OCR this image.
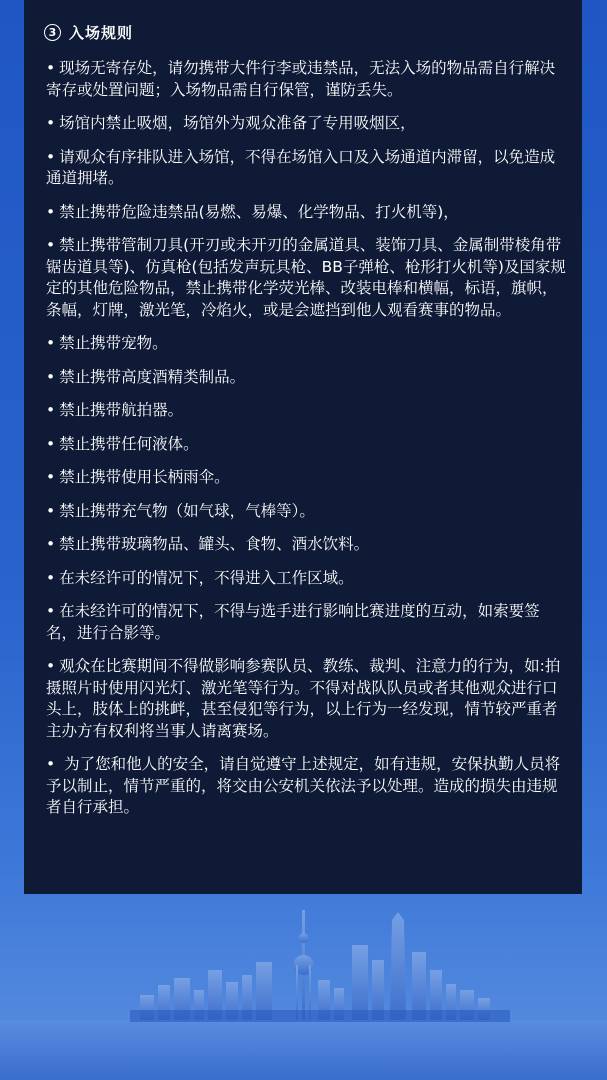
3 入场规则
• 现场无寄存处，请勿携带大件行李或违禁品，无法入场的物品需自行解决寄存或处置问题；入场物品需自行保管，谨防丢失。
• 场馆内禁止吸烟，场馆外为观众准备了专用吸烟区，
• 请观众有序排队进入场馆，不得在场馆入口及入场通道内滞留，以免造成通道拥堵。
• 禁止携带危险违禁品(易燃、易爆、化学物品、打火机等)，
• 禁止携带管制刀具(开刃或未开刃的金属道具、装饰刀具、金属制带棱角带锯齿道具等)、仿真枪(包括发声玩具枪、BB子弹枪、枪形打火机等)及国家规定的其他危险物品，禁止携带化学荧光棒、改装电棒和横幅，标语，旗帜，条幅，灯牌，激光笔，冷焰火，或是会遮挡到他人观看赛事的物品。
• 禁止携带宠物。
• 禁止携带高度酒精类制品。
• 禁止携带航拍器。
• 禁止携带任何液体。
• 禁止携带使用长柄雨伞。
• 禁止携带充气物（如气球，气棒等）。
• 禁止携带玻璃物品、罐头、食物、酒水饮料。
• 在未经许可的情况下，不得进入工作区域。
• 在未经许可的情况下，不得与选手进行影响比赛进度的互动，如索要签名，进行合影等。
• 观众在比赛期间不得做影响参赛队员、教练、裁判、注意力的行为，如:拍摄照片时使用闪光灯、激光笔等行为。不得对战队队员或者其他观众进行口头上，肢体上的挑衅，甚至侵犯等行为，以上行为一经发现，情节较严重者主办方有权利将当事人请离赛场。
• 为了您和他人的安全，请自觉遵守上述规定，如有违规，安保执勤人员将予以制止，情节严重的，将交由公安机关依法予以处理。造成的损失由违规者自行承担。
